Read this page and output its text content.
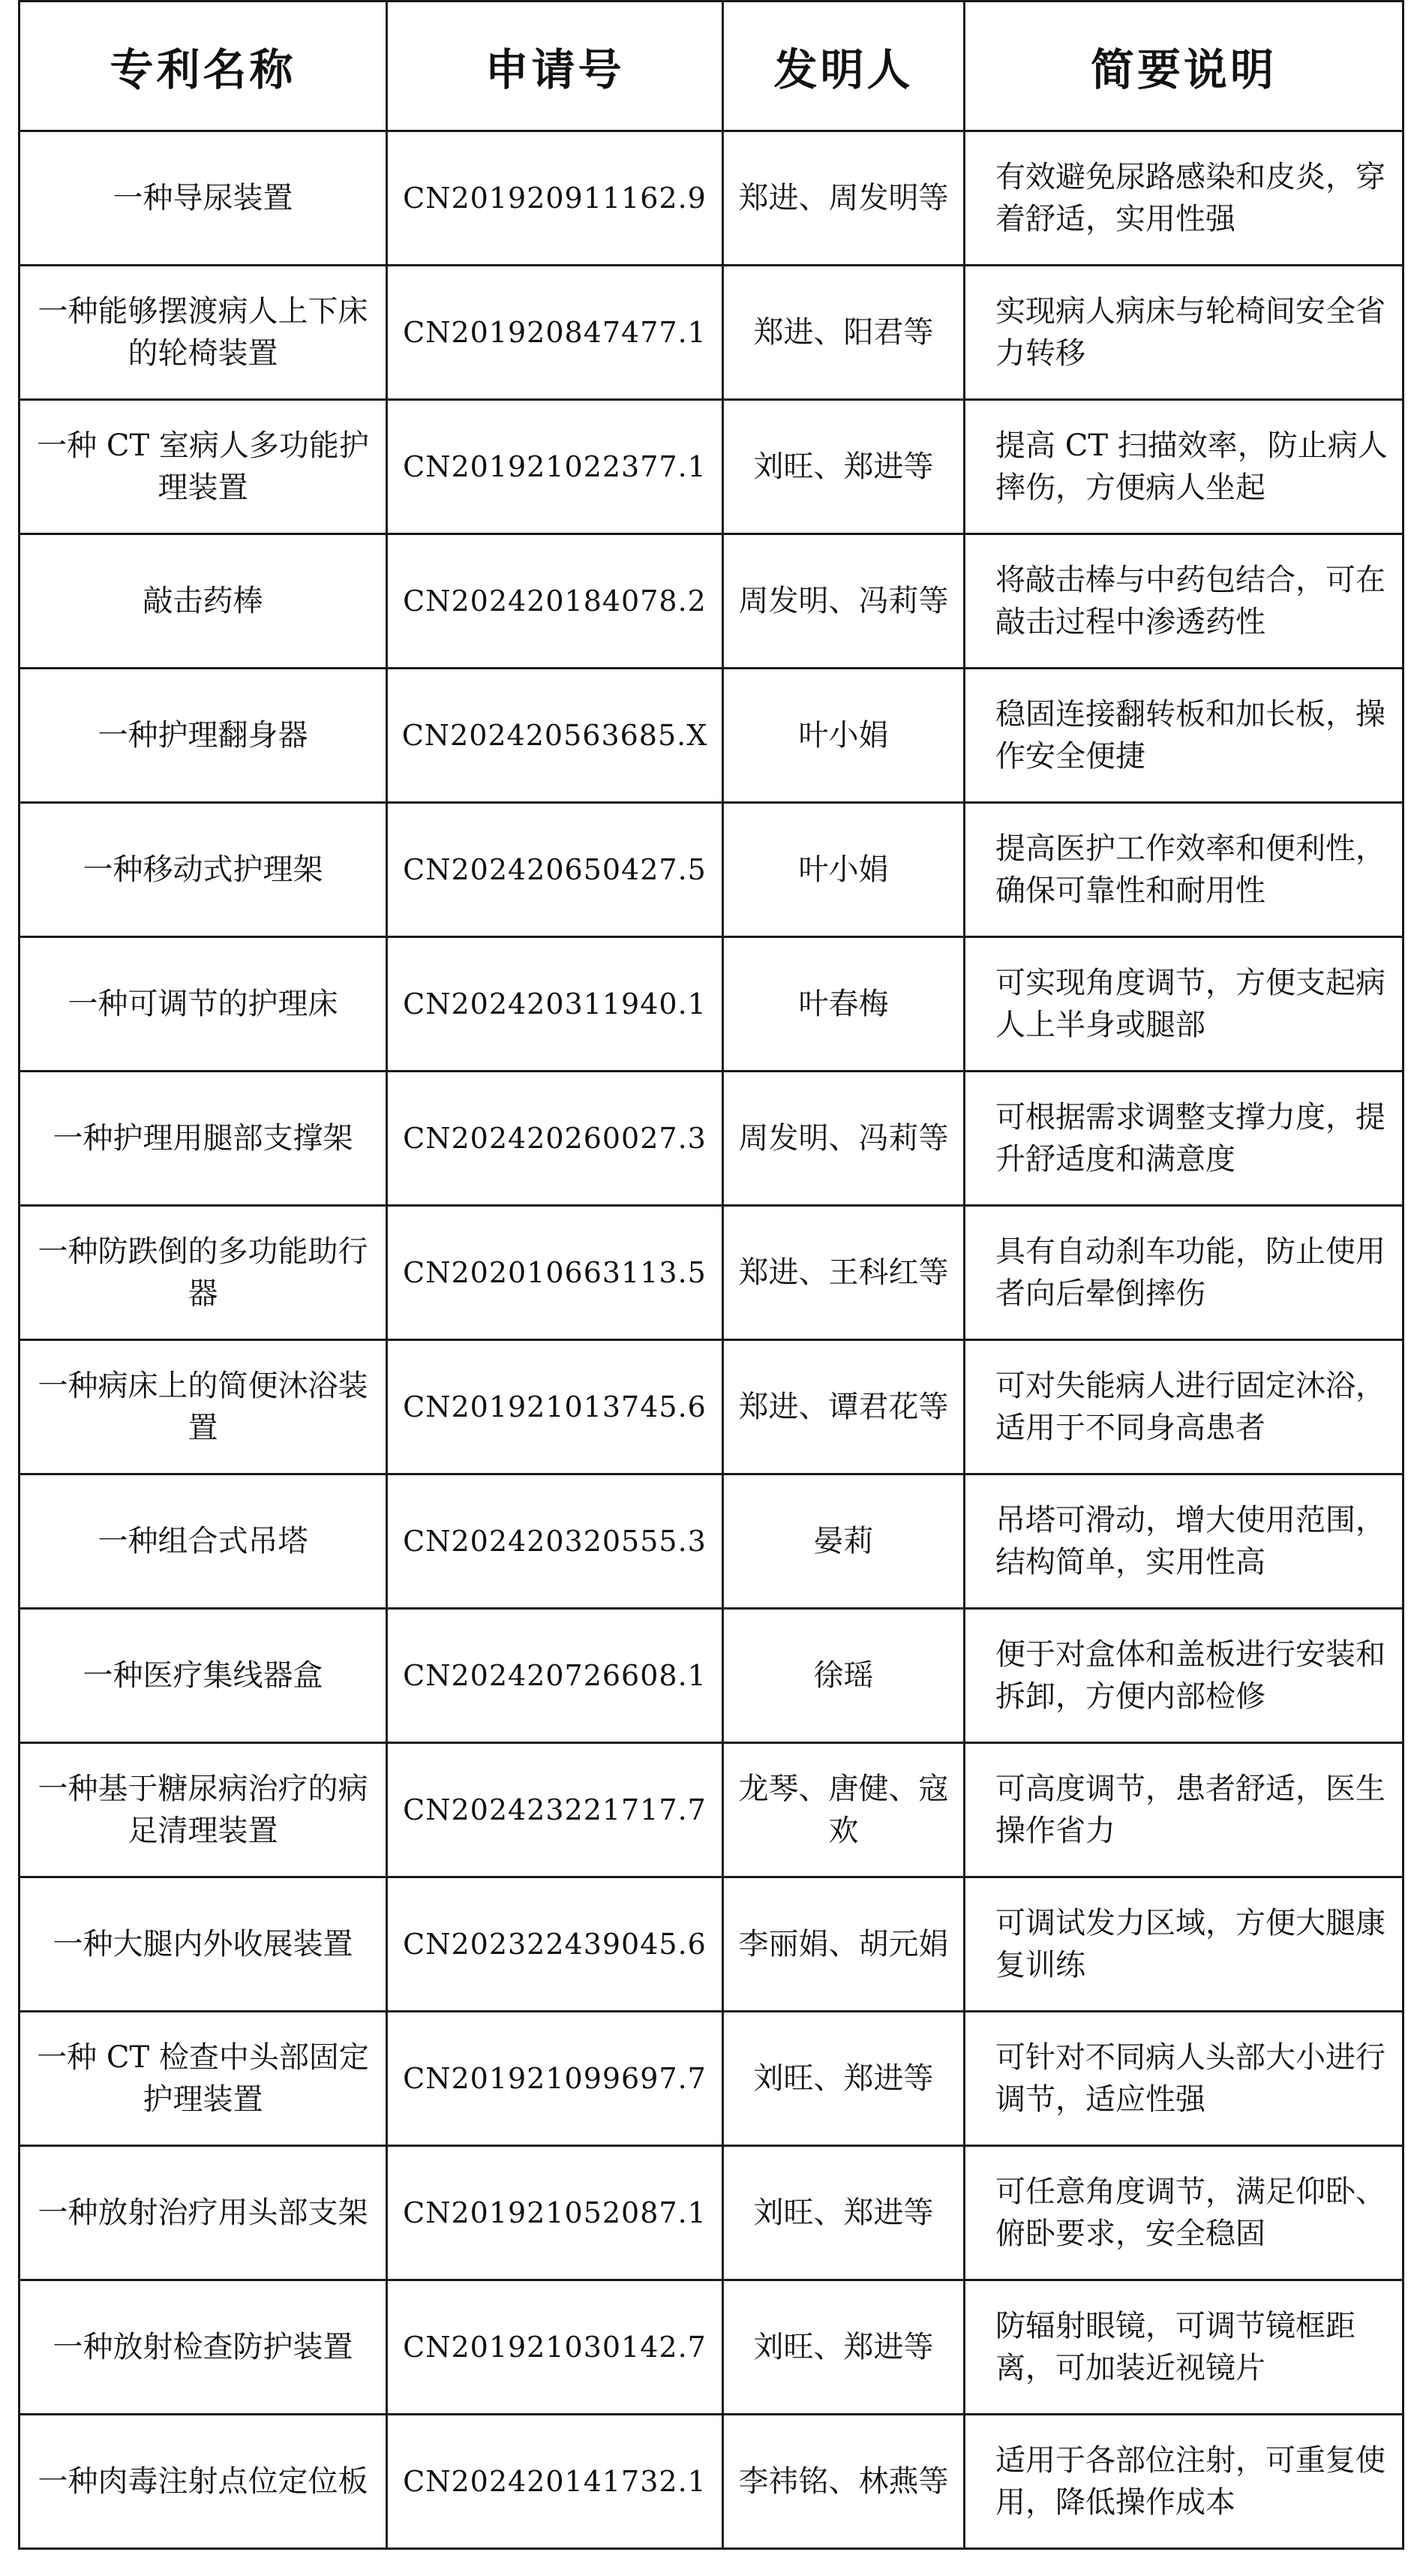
专利名称	申请号	发明人	简要说明
一种导尿装置	CN201920911162.9	郑进、周发明等	有效避免尿路感染和皮炎，穿着舒适，实用性强
一种能够摆渡病人上下床的轮椅装置	CN201920847477.1	郑进、阳君等	实现病人病床与轮椅间安全省力转移
一种 CT 室病人多功能护理装置	CN201921022377.1	刘旺、郑进等	提高 CT 扫描效率，防止病人摔伤，方便病人坐起
敲击药棒	CN202420184078.2	周发明、冯莉等	将敲击棒与中药包结合，可在敲击过程中渗透药性
一种护理翻身器	CN202420563685.X	叶小娟	稳固连接翻转板和加长板，操作安全便捷
一种移动式护理架	CN202420650427.5	叶小娟	提高医护工作效率和便利性，确保可靠性和耐用性
一种可调节的护理床	CN202420311940.1	叶春梅	可实现角度调节，方便支起病人上半身或腿部
一种护理用腿部支撑架	CN202420260027.3	周发明、冯莉等	可根据需求调整支撑力度，提升舒适度和满意度
一种防跌倒的多功能助行器	CN202010663113.5	郑进、王科红等	具有自动刹车功能，防止使用者向后晕倒摔伤
一种病床上的简便沐浴装置	CN201921013745.6	郑进、谭君花等	可对失能病人进行固定沐浴，适用于不同身高患者
一种组合式吊塔	CN202420320555.3	晏莉	吊塔可滑动，增大使用范围，结构简单，实用性高
一种医疗集线器盒	CN202420726608.1	徐瑶	便于对盒体和盖板进行安装和拆卸，方便内部检修
一种基于糖尿病治疗的病足清理装置	CN202423221717.7	龙琴、唐健、寇欢	可高度调节，患者舒适，医生操作省力
一种大腿内外收展装置	CN202322439045.6	李丽娟、胡元娟	可调试发力区域，方便大腿康复训练
一种 CT 检查中头部固定护理装置	CN201921099697.7	刘旺、郑进等	可针对不同病人头部大小进行调节，适应性强
一种放射治疗用头部支架	CN201921052087.1	刘旺、郑进等	可任意角度调节，满足仰卧、俯卧要求，安全稳固
一种放射检查防护装置	CN201921030142.7	刘旺、郑进等	防辐射眼镜，可调节镜框距离，可加装近视镜片
一种肉毒注射点位定位板	CN202420141732.1	李祎铭、林燕等	适用于各部位注射，可重复使用，降低操作成本
